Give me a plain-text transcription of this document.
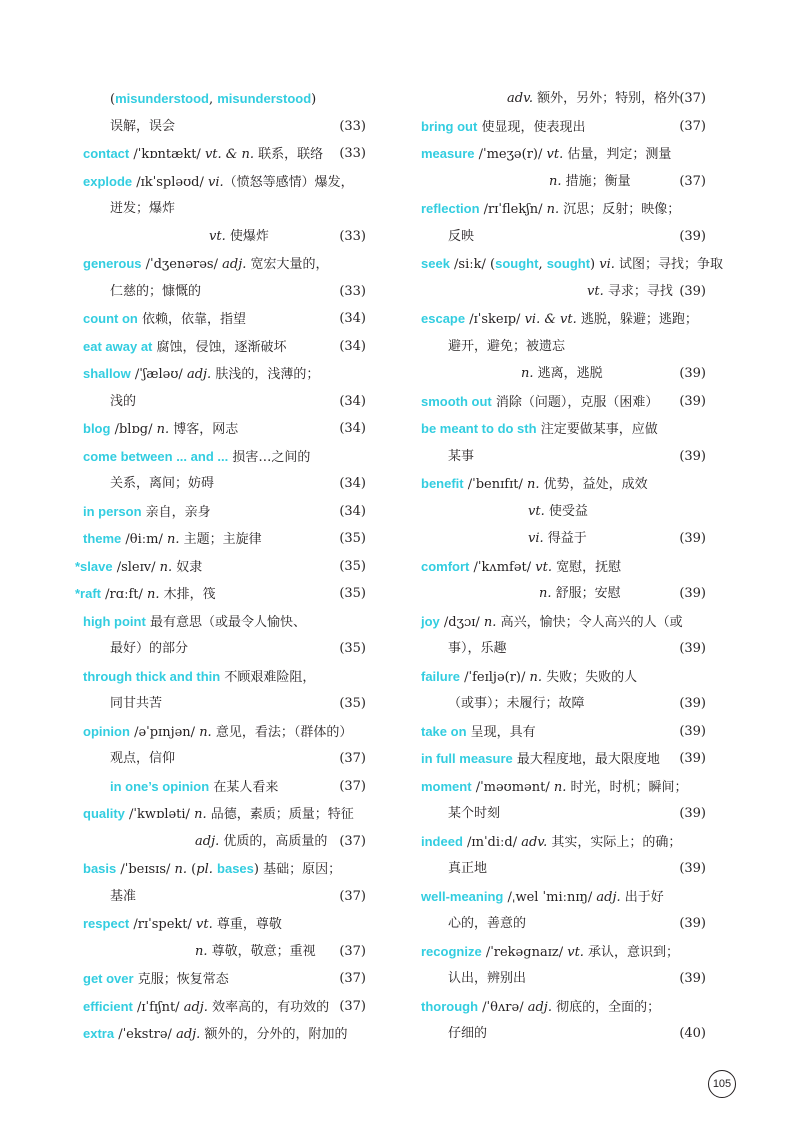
(misunderstood, misunderstood)
误解，误会	(33)
contact /ˈkɒntækt/ vt. & n. 联系，联络 (33)
explode /ɪkˈspləʊd/ vi.（愤怒等感情）爆发，
迸发；爆炸
vt. 使爆炸	(33)
generous /ˈdʒenərəs/ adj. 宽宏大量的，
仁慈的；慷慨的	(33)
count on 依赖，依靠，指望	(34)
eat away at 腐蚀，侵蚀，逐渐破坏	(34)
shallow /ˈʃæləʊ/ adj. 肤浅的，浅薄的；
浅的	(34)
blog /blɒg/ n. 博客，网志	(34)
come between ... and ... 损害…之间的
关系，离间；妨碍	(34)
in person 亲自，亲身	(34)
theme /θiːm/ n. 主题；主旋律	(35)
*slave /sleɪv/ n. 奴隶	(35)
*raft /rɑːft/ n. 木排，筏	(35)
high point 最有意思（或最令人愉快、
最好）的部分	(35)
through thick and thin 不顾艰难险阻，
同甘共苦	(35)
opinion /əˈpɪnjən/ n. 意见，看法；（群体的）
观点，信仰	(37)
in one’s opinion 在某人看来	(37)
quality /ˈkwɒləti/ n. 品德，素质；质量；特征
adj. 优质的，高质量的 (37)
basis /ˈbeɪsɪs/ n. (pl. bases) 基础；原因；
基准	(37)
respect /rɪˈspekt/ vt. 尊重，尊敬
n. 尊敬，敬意；重视 (37)
get over 克服；恢复常态	(37)
efficient /ɪˈfɪʃnt/ adj. 效率高的，有功效的 (37)
extra /ˈekstrə/ adj. 额外的，分外的，附加的
adv. 额外，另外；特别，格外 (37)
bring out 使显现，使表现出	(37)
measure /ˈmeʒə(r)/ vt. 估量，判定；测量
n. 措施；衡量	(37)
reflection /rɪˈflekʃn/ n. 沉思；反射；映像；
反映	(39)
seek /siːk/ (sought, sought) vi. 试图；寻找；争取
vt. 寻求；寻找 (39)
escape /ɪˈskeɪp/ vi. & vt. 逃脱，躲避；逃跑；
避开，避免；被遗忘
n. 逃离，逃脱	(39)
smooth out 消除（问题），克服（困难） (39)
be meant to do sth 注定要做某事，应做
某事	(39)
benefit /ˈbenɪfɪt/ n. 优势，益处，成效
vt. 使受益
vi. 得益于	(39)
comfort /ˈkʌmfət/ vt. 宽慰，抚慰
n. 舒服；安慰	(39)
joy /dʒɔɪ/ n. 高兴，愉快；令人高兴的人（或
事），乐趣	(39)
failure /ˈfeɪljə(r)/ n. 失败；失败的人
（或事）；未履行；故障	(39)
take on 呈现，具有	(39)
in full measure 最大程度地，最大限度地 (39)
moment /ˈməʊmənt/ n. 时光，时机；瞬间；
某个时刻	(39)
indeed /ɪnˈdiːd/ adv. 其实，实际上；的确；
真正地	(39)
well-meaning /ˌwel ˈmiːnɪŋ/ adj. 出于好
心的，善意的	(39)
recognize /ˈrekəgnaɪz/ vt. 承认，意识到；
认出，辨别出	(39)
thorough /ˈθʌrə/ adj. 彻底的，全面的；
仔细的	(40)
105
